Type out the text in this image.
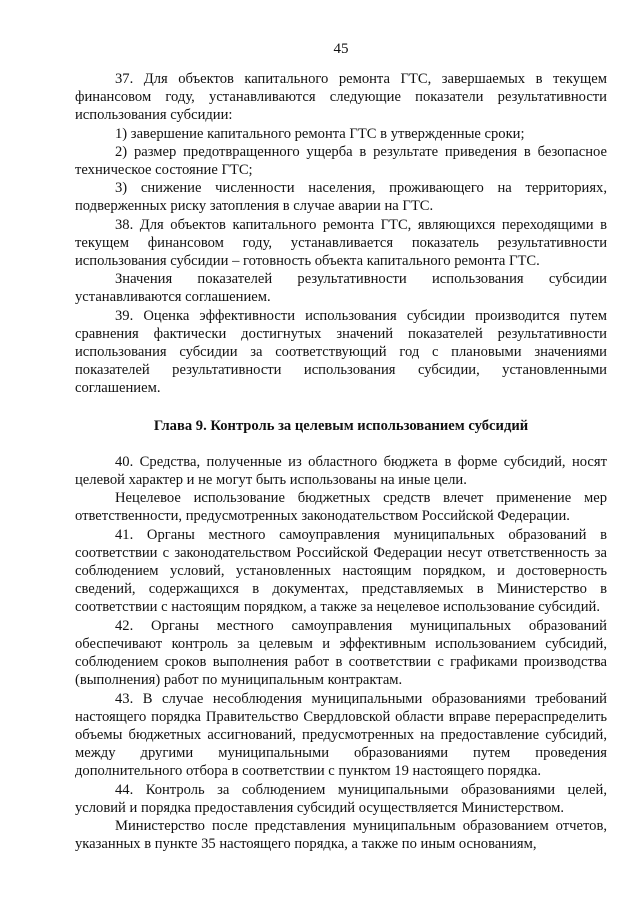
45

37. Для объектов капитального ремонта ГТС, завершаемых в текущем финансовом году, устанавливаются следующие показатели результативности использования субсидии:

1) завершение капитального ремонта ГТС в утвержденные сроки;

2) размер предотвращенного ущерба в результате приведения в безопасное техническое состояние ГТС;

3) снижение численности населения, проживающего на территориях, подверженных риску затопления в случае аварии на ГТС.

38. Для объектов капитального ремонта ГТС, являющихся переходящими в текущем финансовом году, устанавливается показатель результативности использования субсидии – готовность объекта капитального ремонта ГТС.

Значения показателей результативности использования субсидии устанавливаются соглашением.

39. Оценка эффективности использования субсидии производится путем сравнения фактически достигнутых значений показателей результативности использования субсидии за соответствующий год с плановыми значениями показателей результативности использования субсидии, установленными соглашением.

Глава 9. Контроль за целевым использованием субсидий

40. Средства, полученные из областного бюджета в форме субсидий, носят целевой характер и не могут быть использованы на иные цели.

Нецелевое использование бюджетных средств влечет применение мер ответственности, предусмотренных законодательством Российской Федерации.

41. Органы местного самоуправления муниципальных образований в соответствии с законодательством Российской Федерации несут ответственность за соблюдением условий, установленных настоящим порядком, и достоверность сведений, содержащихся в документах, представляемых в Министерство в соответствии с настоящим порядком, а также за нецелевое использование субсидий.

42. Органы местного самоуправления муниципальных образований обеспечивают контроль за целевым и эффективным использованием субсидий, соблюдением сроков выполнения работ в соответствии с графиками производства (выполнения) работ по муниципальным контрактам.

43. В случае несоблюдения муниципальными образованиями требований настоящего порядка Правительство Свердловской области вправе перераспределить объемы бюджетных ассигнований, предусмотренных на предоставление субсидий, между другими муниципальными образованиями путем проведения дополнительного отбора в соответствии с пунктом 19 настоящего порядка.

44. Контроль за соблюдением муниципальными образованиями целей, условий и порядка предоставления субсидий осуществляется Министерством.

Министерство после представления муниципальным образованием отчетов, указанных в пункте 35 настоящего порядка, а также по иным основаниям,
